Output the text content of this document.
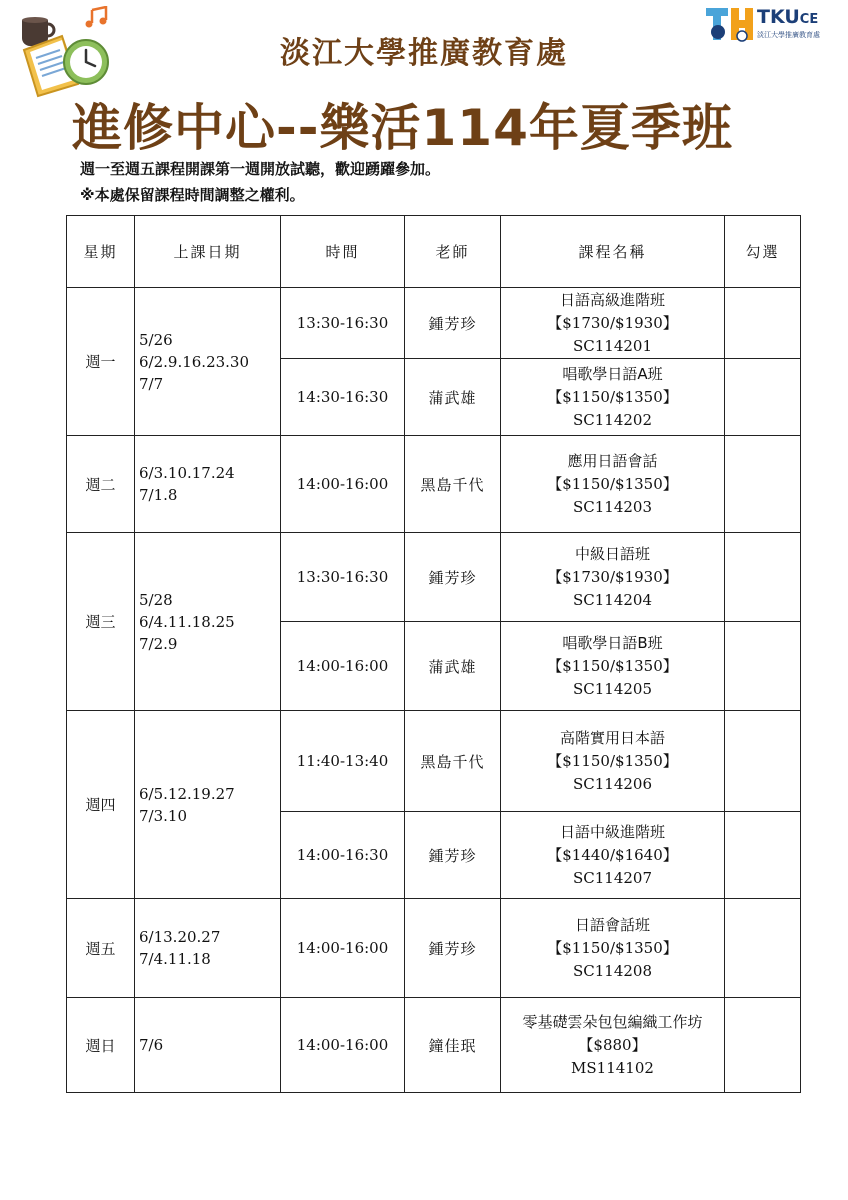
TKUCE
淡江大學推廣教育處
淡江大學推廣教育處
進修中心--樂活114年夏季班
週一至週五課程開課第一週開放試聽，歡迎踴躍參加。
※本處保留課程時間調整之權利。
星期	上課日期	時間	老師	課程名稱	勾選
週一	5/26
6/2.9.16.23.30
7/7	13:30-16:30	鍾芳珍	日語高級進階班
【$1730/$1930】
SC114201	

		14:30-16:30	蒲武雄	唱歌學日語A班
【$1150/$1350】
SC114202	

週二	6/3.10.17.24
7/1.8	14:00-16:00	黑島千代	應用日語會話
【$1150/$1350】
SC114203	

週三	5/28
6/4.11.18.25
7/2.9	13:30-16:30	鍾芳珍	中級日語班
【$1730/$1930】
SC114204	

		14:00-16:00	蒲武雄	唱歌學日語B班
【$1150/$1350】
SC114205	

週四	6/5.12.19.27
7/3.10	11:40-13:40	黑島千代	高階實用日本語
【$1150/$1350】
SC114206	

		14:00-16:30	鍾芳珍	日語中級進階班
【$1440/$1640】
SC114207	

週五	6/13.20.27
7/4.11.18	14:00-16:00	鍾芳珍	日語會話班
【$1150/$1350】
SC114208	

週日	7/6	14:00-16:00	鐘佳珉	零基礎雲朵包包編織工作坊
【$880】
MS114102	
